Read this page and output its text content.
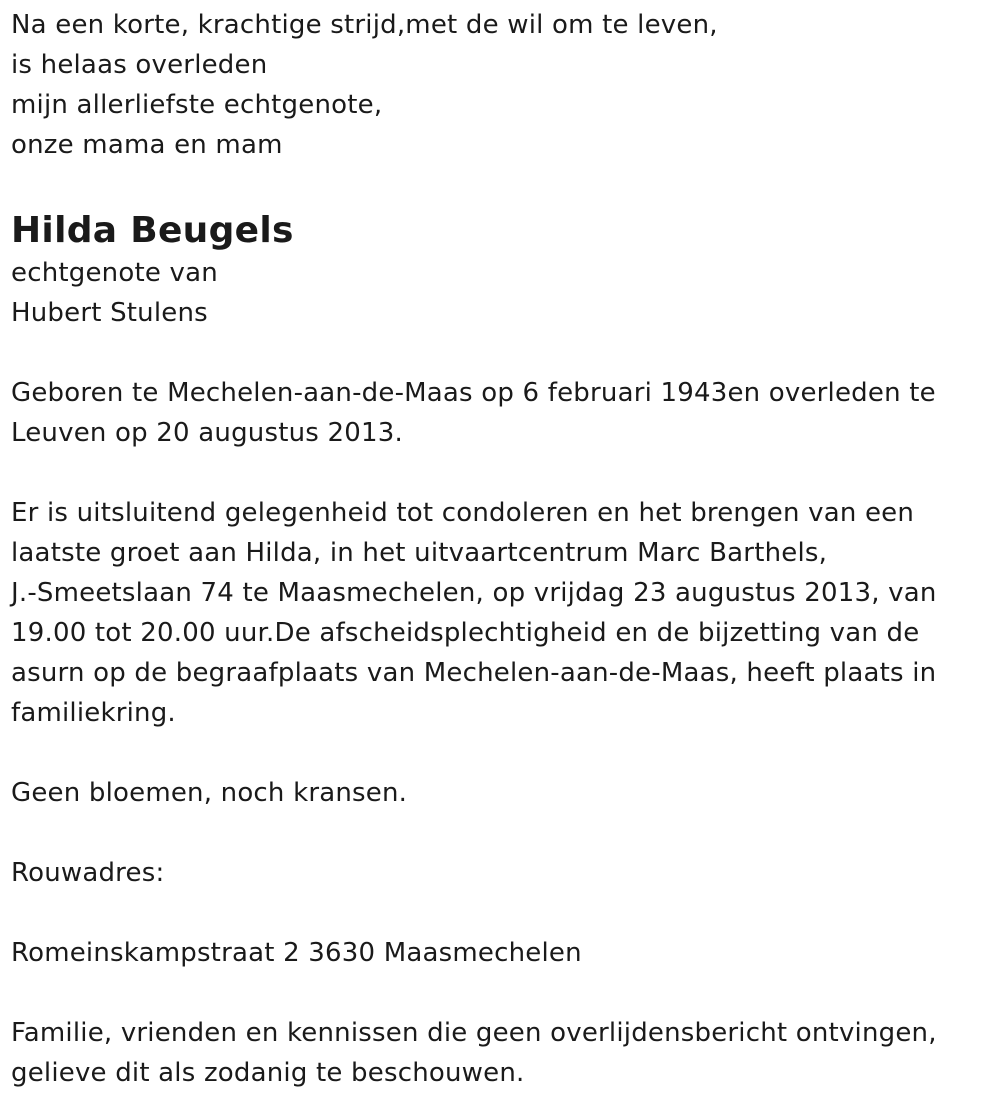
Na een korte, krachtige strijd,met de wil om te leven,
is helaas overleden
mijn allerliefste echtgenote,
onze mama en mam
Hilda Beugels
echtgenote van
Hubert Stulens
Geboren te Mechelen-aan-de-Maas op 6 februari 1943en overleden te
Leuven op 20 augustus 2013.
Er is uitsluitend gelegenheid tot condoleren en het brengen van een
laatste groet aan Hilda, in het uitvaartcentrum Marc Barthels,
J.-Smeetslaan 74 te Maasmechelen, op vrijdag 23 augustus 2013, van
19.00 tot 20.00 uur.De afscheidsplechtigheid en de bijzetting van de
asurn op de begraafplaats van Mechelen-aan-de-Maas, heeft plaats in
familiekring.
Geen bloemen, noch kransen.
Rouwadres:
Romeinskampstraat 2 3630 Maasmechelen
Familie, vrienden en kennissen die geen overlijdensbericht ontvingen,
gelieve dit als zodanig te beschouwen.
